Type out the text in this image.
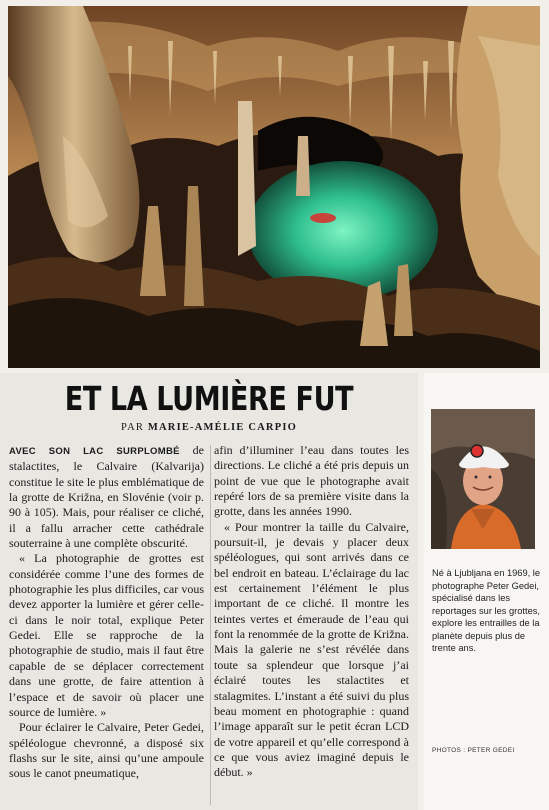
ET LA LUMIÈRE FUT
PAR MARIE-AMÉLIE CARPIO

AVEC SON LAC SURPLOMBÉ de stalactites, le Calvaire (Kalvarija) constitue le site le plus emblématique de la grotte de Križna, en Slovénie (voir p. 90 à 105). Mais, pour réaliser ce cliché, il a fallu arracher cette cathédrale souterraine à une complète obscurité.

« La photographie de grottes est considérée comme l’une des formes de photographie les plus difficiles, car vous devez apporter la lumière et gérer celle-ci dans le noir total, explique Peter Gedei. Elle se rapproche de la photographie de studio, mais il faut être capable de se déplacer correctement dans une grotte, de faire attention à l’espace et de savoir où placer une source de lumière. »

Pour éclairer le Calvaire, Peter Gedei, spéléologue chevronné, a disposé six flashs sur le site, ainsi qu’une ampoule sous le canot pneumatique,

afin d’illuminer l’eau dans toutes les directions. Le cliché a été pris depuis un point de vue que le photographe avait repéré lors de sa première visite dans la grotte, dans les années 1990.

« Pour montrer la taille du Calvaire, poursuit-il, je devais y placer deux spéléologues, qui sont arrivés dans ce bel endroit en bateau. L’éclairage du lac est certainement l’élément le plus important de ce cliché. Il montre les teintes vertes et émeraude de l’eau qui font la renommée de la grotte de Križna. Mais la galerie ne s’est révélée dans toute sa splendeur que lorsque j’ai éclairé toutes les stalactites et stalagmites. L’instant a été suivi du plus beau moment en photographie : quand l’image apparaît sur le petit écran LCD de votre appareil et qu’elle correspond à ce que vous aviez imaginé depuis le début. »

Né à Ljubljana en 1969, le photographe Peter Gedei, spécialisé dans les reportages sur les grottes, explore les entrailles de la planète depuis plus de trente ans.
PHOTOS : PETER GEDEI
